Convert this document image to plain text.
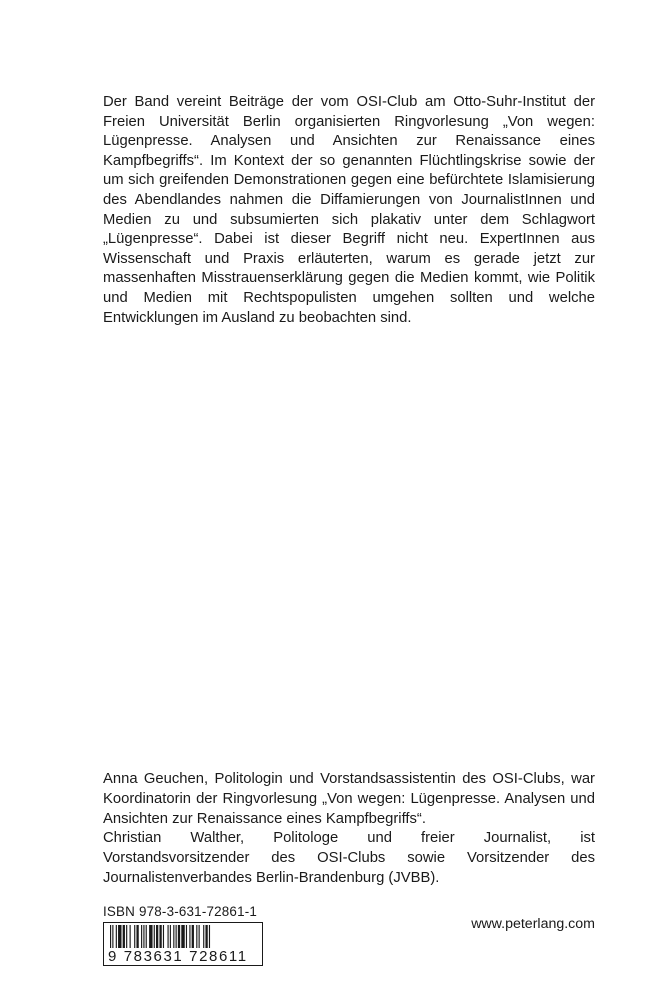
Der Band vereint Beiträge der vom OSI-Club am Otto-Suhr-Institut der Freien Universität Berlin organisierten Ringvorlesung „Von wegen: Lügenpresse. Analysen und Ansichten zur Renaissance eines Kampfbegriffs“. Im Kontext der so genannten Flüchtlingskrise sowie der um sich greifenden Demonstrationen gegen eine befürchtete Islamisierung des Abendlandes nahmen die Diffamierungen von JournalistInnen und Medien zu und subsumierten sich plakativ unter dem Schlagwort „Lügenpresse“. Dabei ist dieser Begriff nicht neu. ExpertInnen aus Wissenschaft und Praxis erläuterten, warum es gerade jetzt zur massenhaften Misstrauenserklärung gegen die Medien kommt, wie Politik und Medien mit Rechtspopulisten umgehen sollten und welche Entwicklungen im Ausland zu beobachten sind.

Anna Geuchen, Politologin und Vorstandsassistentin des OSI-Clubs, war Koordinatorin der Ringvorlesung „Von wegen: Lügenpresse. Analysen und Ansichten zur Renaissance eines Kampfbegriffs“.

Christian Walther, Politologe und freier Journalist, ist Vorstandsvorsitzender des OSI-Clubs sowie Vorsitzender des Journalistenverbandes Berlin-Brandenburg (JVBB).

ISBN 978-3-631-72861-1
9 783631 728611
www.peterlang.com
